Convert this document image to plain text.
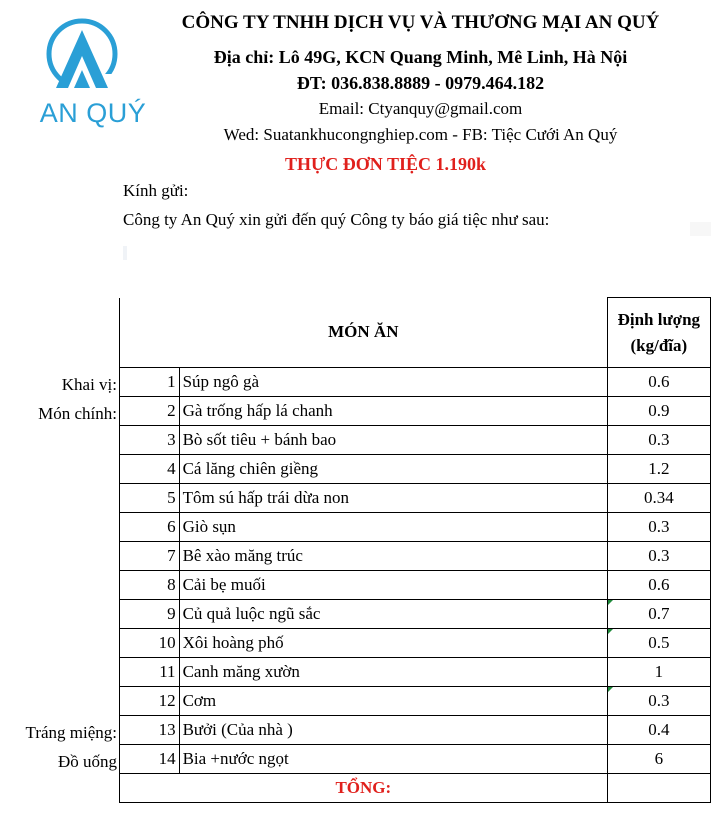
AN QUÝ
CÔNG TY TNHH DỊCH VỤ VÀ THƯƠNG MẠI AN QUÝ
Địa chỉ: Lô 49G, KCN Quang Minh, Mê Linh, Hà Nội
ĐT: 036.838.8889 - 0979.464.182
Email: Ctyanquy@gmail.com
Wed: Suatankhucongnghiep.com - FB: Tiệc Cưới An Quý
THỰC ĐƠN TIỆC 1.190k
Kính gửi:
Công ty An Quý xin gửi đến quý Công ty báo giá tiệc như sau:
Khai vị:
Món chính:
Tráng miệng:
Đồ uống
MÓN ĂN		Định lượng
(kg/đĩa)

1	Súp ngô gà	0.6
2	Gà trống hấp lá chanh	0.9
3	Bò sốt tiêu + bánh bao	0.3
4	Cá lăng chiên giềng	1.2
5	Tôm sú hấp trái dừa non	0.34
6	Giò sụn	0.3
7	Bê xào măng trúc	0.3
8	Cải bẹ muối	0.6
9	Củ quả luộc ngũ sắc	0.7
10	Xôi hoàng phố	0.5
11	Canh măng xườn	1
12	Cơm	0.3
13	Bưởi (Của nhà )	0.4
14	Bia +nước ngọt	6
TỔNG:		
